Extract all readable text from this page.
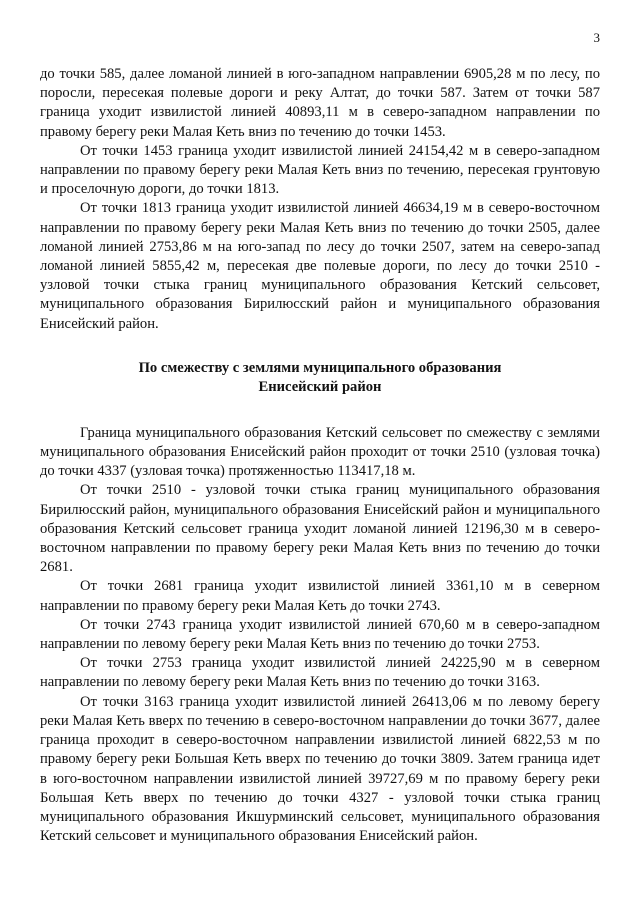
3

до точки 585, далее ломаной линией в юго-западном направлении 6905,28 м по лесу, по поросли, пересекая полевые дороги и реку Алтат, до точки 587. Затем от точки 587 граница уходит извилистой линией 40893,11 м в северо-западном направлении по правому берегу реки Малая Кеть вниз по течению до точки 1453.

От точки 1453 граница уходит извилистой линией 24154,42 м в северо-западном направлении по правому берегу реки Малая Кеть вниз по течению, пересекая грунтовую и проселочную дороги, до точки 1813.

От точки 1813 граница уходит извилистой линией 46634,19 м в северо-восточном направлении по правому берегу реки Малая Кеть вниз по течению до точки 2505, далее ломаной линией 2753,86 м на юго-запад по лесу до точки 2507, затем на северо-запад ломаной линией 5855,42 м, пересекая две полевые дороги, по лесу до точки 2510 - узловой точки стыка границ муниципального образования Кетский сельсовет, муниципального образования Бирилюсский район и муниципального образования Енисейский район.

По смежеству с землями муниципального образования
Енисейский район

Граница муниципального образования Кетский сельсовет по смежеству с землями муниципального образования Енисейский район проходит от точки 2510 (узловая точка) до точки 4337 (узловая точка) протяженностью 113417,18 м.

От точки 2510 - узловой точки стыка границ муниципального образования Бирилюсский район, муниципального образования Енисейский район и муниципального образования Кетский сельсовет граница уходит ломаной линией 12196,30 м в северо-восточном направлении по правому берегу реки Малая Кеть вниз по течению до точки 2681.

От точки 2681 граница уходит извилистой линией 3361,10 м в северном направлении по правому берегу реки Малая Кеть до точки 2743.

От точки 2743 граница уходит извилистой линией 670,60 м в северо-западном направлении по левому берегу реки Малая Кеть вниз по течению до точки 2753.

От точки 2753 граница уходит извилистой линией 24225,90 м в северном направлении по левому берегу реки Малая Кеть вниз по течению до точки 3163.

От точки 3163 граница уходит извилистой линией 26413,06 м по левому берегу реки Малая Кеть вверх по течению в северо-восточном направлении до точки 3677, далее граница проходит в северо-восточном направлении извилистой линией 6822,53 м по правому берегу реки Большая Кеть вверх по течению до точки 3809. Затем граница идет в юго-восточном направлении извилистой линией 39727,69 м по правому берегу реки Большая Кеть вверх по течению до точки 4327 - узловой точки стыка границ муниципального образования Икшурминский сельсовет, муниципального образования Кетский сельсовет и муниципального образования Енисейский район.
